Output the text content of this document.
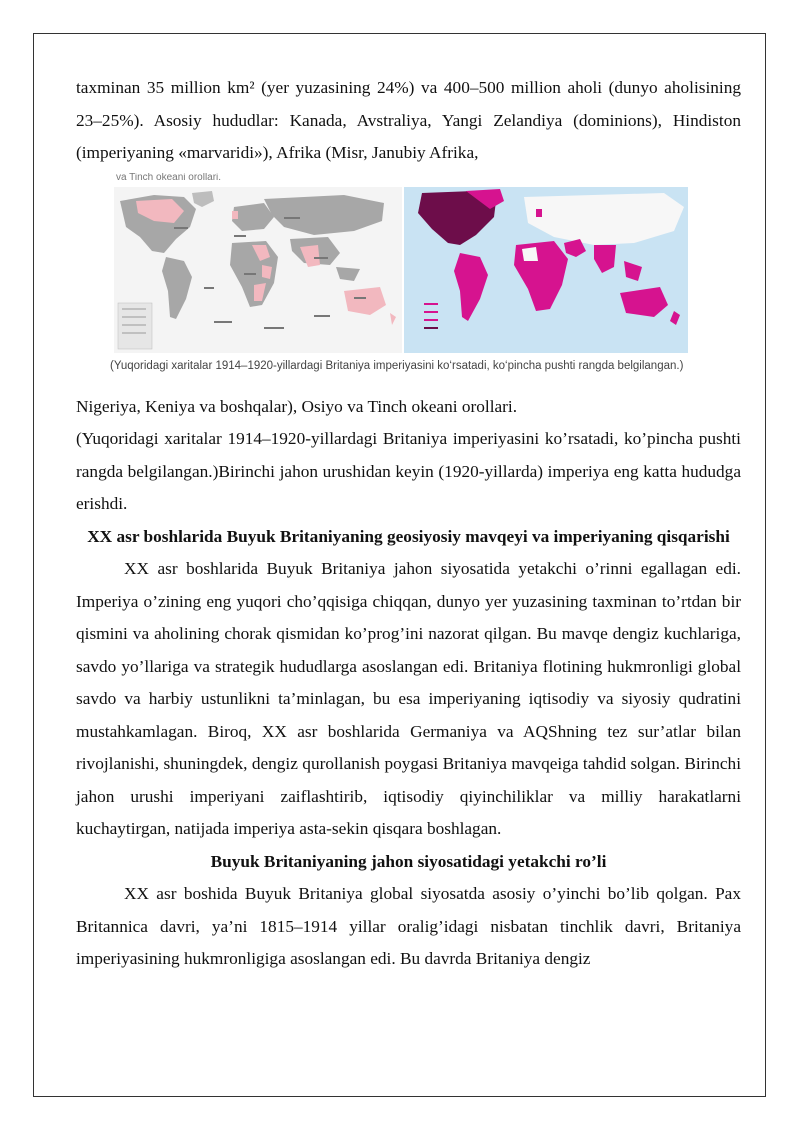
taxminan 35 million km² (yer yuzasining 24%) va 400–500 million aholi (dunyo aholisining 23–25%). Asosiy hududlar: Kanada, Avstraliya, Yangi Zelandiya (dominions), Hindiston (imperiyaning «marvaridi»), Afrika (Misr, Janubiy Afrika,

va Tinch okeani orollari.
(Yuqoridagi xaritalar 1914–1920-yillardagi Britaniya imperiyasini ko‘rsatadi, ko‘pincha pushti rangda belgilangan.)

Nigeriya, Keniya va boshqalar), Osiyo va Tinch okeani orollari.

(Yuqoridagi xaritalar 1914–1920-yillardagi Britaniya imperiyasini ko’rsatadi, ko’pincha pushti rangda belgilangan.)Birinchi jahon urushidan keyin (1920-yillarda) imperiya eng katta hududga erishdi.

XX asr boshlarida Buyuk Britaniyaning geosiyosiy mavqeyi va imperiyaning qisqarishi

XX asr boshlarida Buyuk Britaniya jahon siyosatida yetakchi o’rinni egallagan edi. Imperiya o’zining eng yuqori cho’qqisiga chiqqan, dunyo yer yuzasining taxminan to’rtdan bir qismini va aholining chorak qismidan ko’prog’ini nazorat qilgan. Bu mavqe dengiz kuchlariga, savdo yo’llariga va strategik hududlarga asoslangan edi. Britaniya flotining hukmronligi global savdo va harbiy ustunlikni ta’minlagan, bu esa imperiyaning iqtisodiy va siyosiy qudratini mustahkamlagan. Biroq, XX asr boshlarida Germaniya va AQShning tez sur’atlar bilan rivojlanishi, shuningdek, dengiz qurollanish poygasi Britaniya mavqeiga tahdid solgan. Birinchi jahon urushi imperiyani zaiflashtirib, iqtisodiy qiyinchiliklar va milliy harakatlarni kuchaytirgan, natijada imperiya asta-sekin qisqara boshlagan.

Buyuk Britaniyaning jahon siyosatidagi yetakchi ro’li

XX asr boshida Buyuk Britaniya global siyosatda asosiy o’yinchi bo’lib qolgan. Pax Britannica davri, ya’ni 1815–1914 yillar oralig’idagi nisbatan tinchlik davri, Britaniya imperiyasining hukmronligiga asoslangan edi. Bu davrda Britaniya dengiz
